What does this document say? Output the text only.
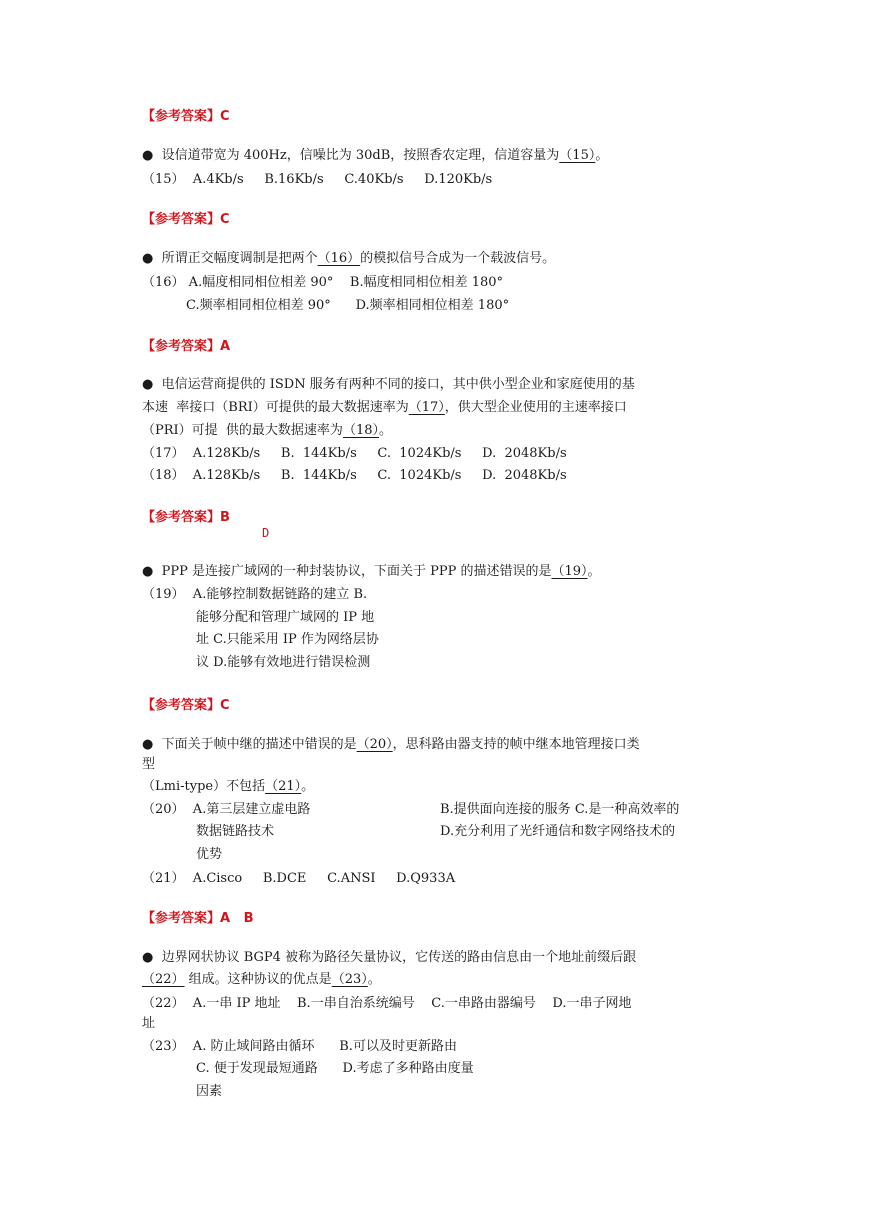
【参考答案】C
●  设信道带宽为 400Hz，信噪比为 30dB，按照香农定理，信道容量为（15）。
（15）  A.4Kb/s     B.16Kb/s     C.40Kb/s     D.120Kb/s
【参考答案】C
●  所谓正交幅度调制是把两个（16）的模拟信号合成为一个载波信号。
（16） A.幅度相同相位相差 90°    B.幅度相同相位相差 180°
C.频率相同相位相差 90°      D.频率相同相位相差 180°
【参考答案】A
●  电信运营商提供的 ISDN 服务有两种不同的接口，其中供小型企业和家庭使用的基
本速  率接口（BRI）可提供的最大数据速率为（17），供大型企业使用的主速率接口
（PRI）可提  供的最大数据速率为（18）。
（17）  A.128Kb/s     B.  144Kb/s     C.  1024Kb/s     D.  2048Kb/s
（18）  A.128Kb/s     B.  144Kb/s     C.  1024Kb/s     D.  2048Kb/s
【参考答案】B
D
●  PPP 是连接广域网的一种封装协议，下面关于 PPP 的描述错误的是（19）。
（19）  A.能够控制数据链路的建立 B.
能够分配和管理广域网的 IP 地
址 C.只能采用 IP 作为网络层协
议 D.能够有效地进行错误检测
【参考答案】C
●  下面关于帧中继的描述中错误的是（20），思科路由器支持的帧中继本地管理接口类
型
（Lmi-type）不包括（21）。
（20）  A.第三层建立虚电路	B.提供面向连接的服务 C.是一种高效率的
数据链路技术	D.充分利用了光纤通信和数字网络技术的
优势
（21）  A.Cisco     B.DCE     C.ANSI     D.Q933A
【参考答案】A   B
●  边界网状协议 BGP4 被称为路径矢量协议，它传送的路由信息由一个地址前缀后跟
（22） 组成。这种协议的优点是（23）。
（22）  A.一串 IP 地址    B.一串自治系统编号    C.一串路由器编号    D.一串子网地
址
（23）  A. 防止域间路由循环      B.可以及时更新路由
C. 便于发现最短通路      D.考虑了多种路由度量
因素
